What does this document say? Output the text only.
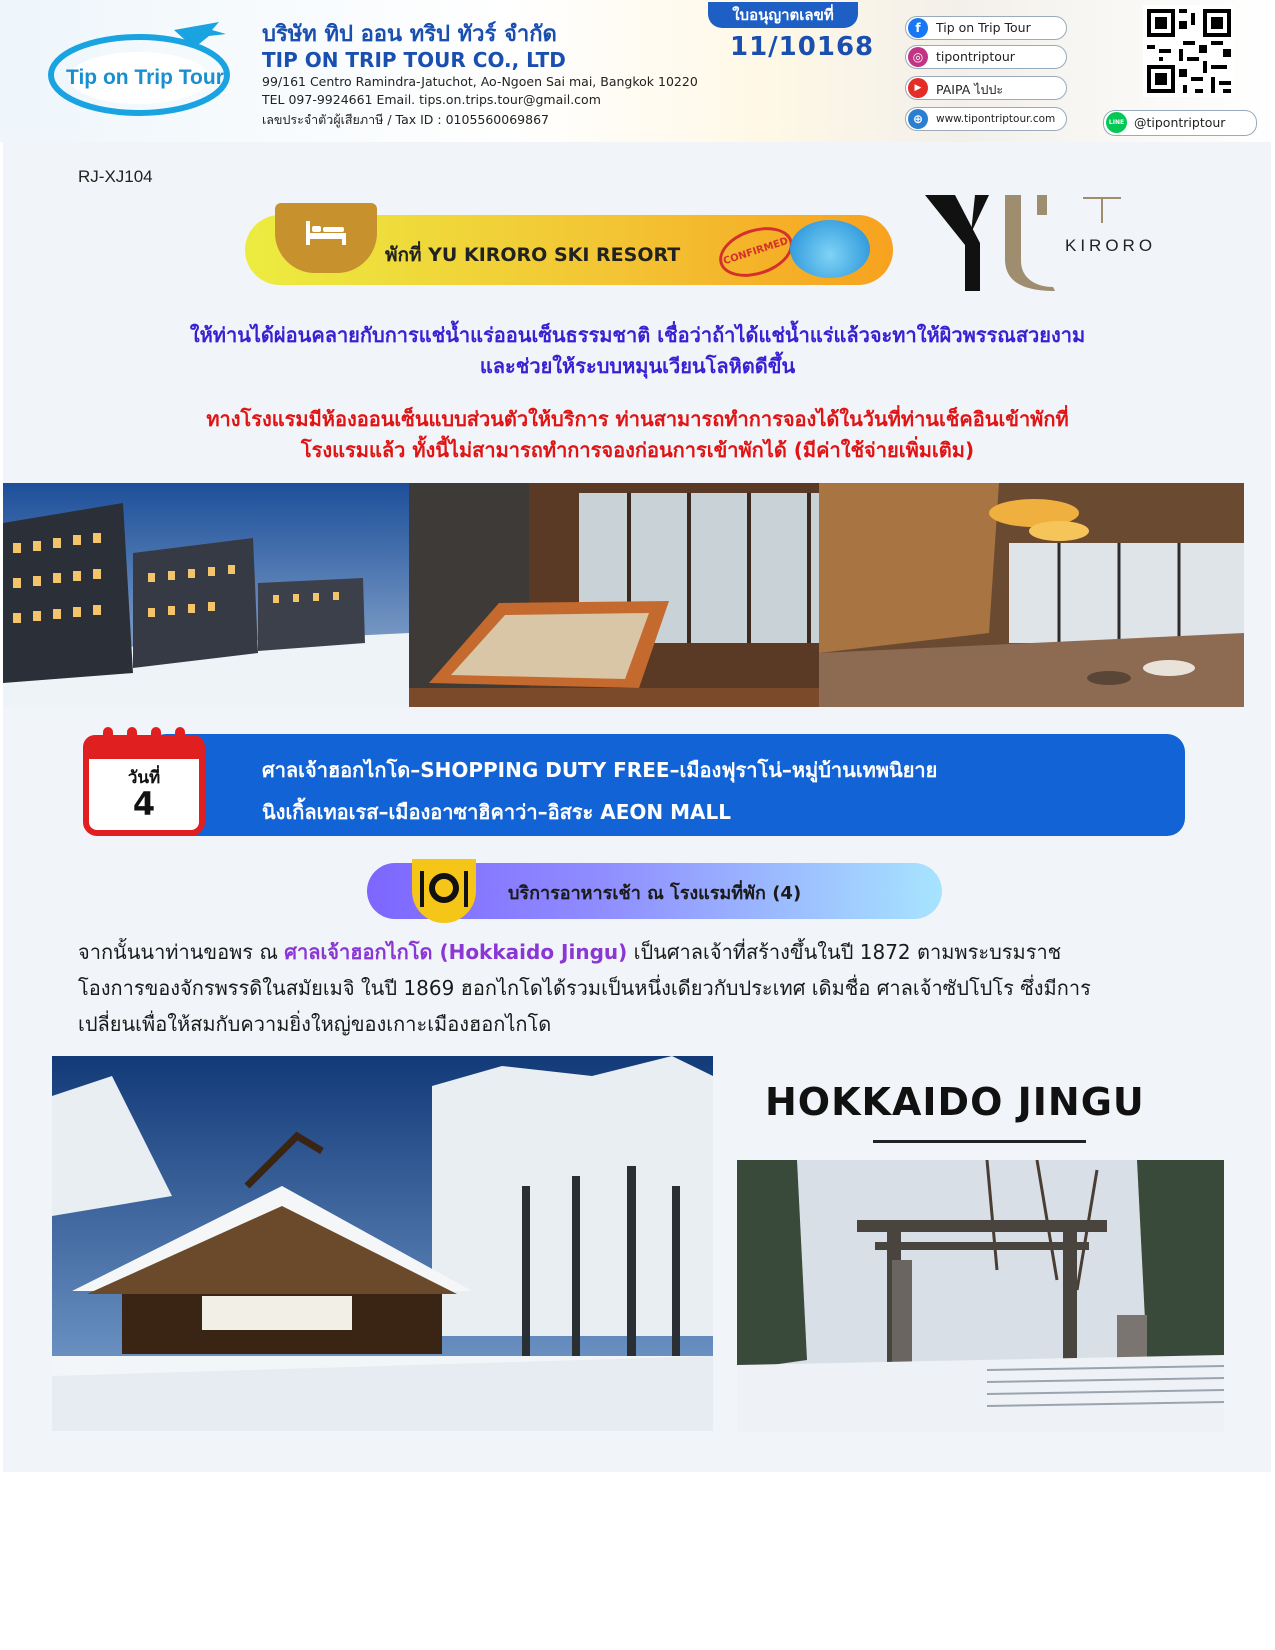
Tip on Trip Tour
บริษัท ทิป ออน ทริป ทัวร์ จำกัด
TIP ON TRIP TOUR CO., LTD
99/161 Centro Ramindra-Jatuchot, Ao-Ngoen Sai mai, Bangkok 10220
TEL 097-9924661 Email. tips.on.trips.tour@gmail.com
เลขประจำตัวผู้เสียภาษี / Tax ID : 0105560069867
ใบอนุญาตเลขที่
11/10168
f	Tip on Trip Tour
◎	tipontriptour
▶	PAIPA ไปปะ
⊕	www.tipontriptour.com	LINE @tipontriptour
RJ-XJ104
พักที่ YU KIRORO SKI RESORT	CONFIRMED	KIRORO
ให้ท่านได้ผ่อนคลายกับการแช่น้ำแร่ออนเซ็นธรรมชาติ เชื่อว่าถ้าได้แช่น้ำแร่แล้วจะทาให้ผิวพรรณสวยงาม
และช่วยให้ระบบหมุนเวียนโลหิตดีขึ้น
ทางโรงแรมมีห้องออนเซ็นแบบส่วนตัวให้บริการ ท่านสามารถทำการจองได้ในวันที่ท่านเช็คอินเข้าพักที่
โรงแรมแล้ว ทั้งนี้ไม่สามารถทำการจองก่อนการเข้าพักได้ (มีค่าใช้จ่ายเพิ่มเติม)
วันที่
4
ศาลเจ้าฮอกไกโด–SHOPPING DUTY FREE–เมืองฟุราโน่–หมู่บ้านเทพนิยาย
นิงเกิ้ลเทอเรส–เมืองอาซาฮิคาว่า–อิสระ AEON MALL
บริการอาหารเช้า ณ โรงแรมที่พัก (4)
จากนั้นนาท่านขอพร ณ ศาลเจ้าฮอกไกโด (Hokkaido Jingu) เป็นศาลเจ้าที่สร้างขึ้นในปี 1872 ตามพระบรมราช
โองการของจักรพรรดิในสมัยเมจิ ในปี 1869 ฮอกไกโดได้รวมเป็นหนึ่งเดียวกับประเทศ เดิมชื่อ ศาลเจ้าซัปโปโร ซึ่งมีการ
เปลี่ยนเพื่อให้สมกับความยิ่งใหญ่ของเกาะเมืองฮอกไกโด
HOKKAIDO JINGU
